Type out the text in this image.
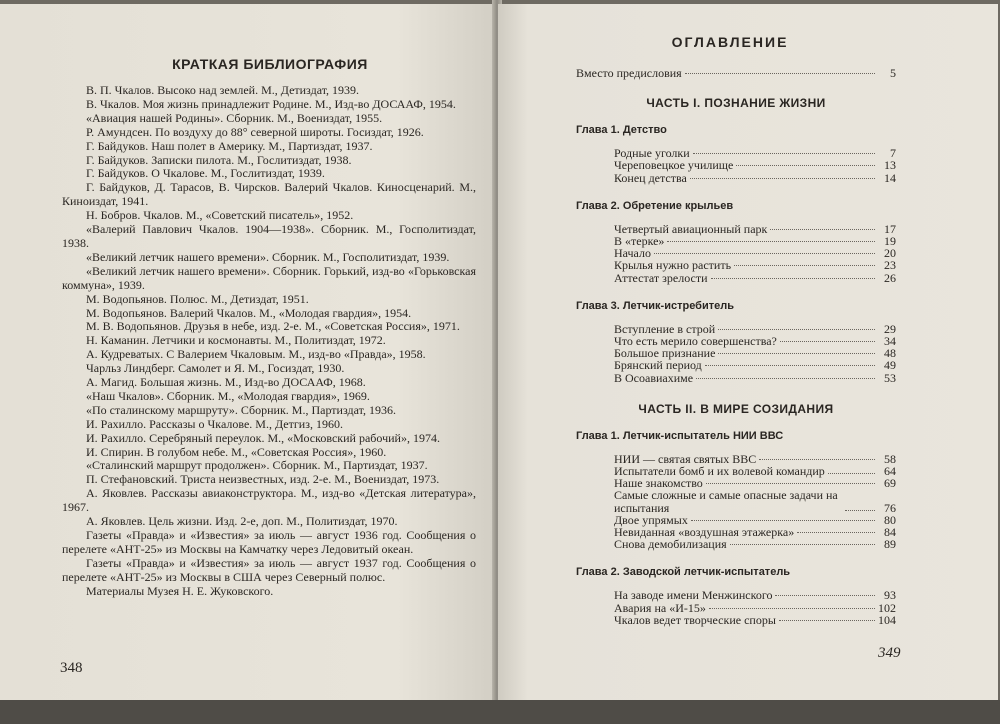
КРАТКАЯ БИБЛИОГРАФИЯ

В. П. Чкалов. Высоко над землей. М., Детиздат, 1939.

В. Чкалов. Моя жизнь принадлежит Родине. М., Изд-во ДОСААФ, 1954.

«Авиация нашей Родины». Сборник. М., Воениздат, 1955.

Р. Амундсен. По воздуху до 88° северной широты. Госиздат, 1926.

Г. Байдуков. Наш полет в Америку. М., Партиздат, 1937.

Г. Байдуков. Записки пилота. М., Гослитиздат, 1938.

Г. Байдуков. О Чкалове. М., Гослитиздат, 1939.

Г. Байдуков, Д. Тарасов, В. Чирсков. Валерий Чкалов. Киносценарий. М., Киноиздат, 1941.

Н. Бобров. Чкалов. М., «Советский писатель», 1952.

«Валерий Павлович Чкалов. 1904—1938». Сборник. М., Госполитиздат, 1938.

«Великий летчик нашего времени». Сборник. М., Госполитиздат, 1939.

«Великий летчик нашего времени». Сборник. Горький, изд-во «Горьковская коммуна», 1939.

М. Водопьянов. Полюс. М., Детиздат, 1951.

М. Водопьянов. Валерий Чкалов. М., «Молодая гвардия», 1954.

М. В. Водопьянов. Друзья в небе, изд. 2-е. М., «Советская Россия», 1971.

Н. Каманин. Летчики и космонавты. М., Политиздат, 1972.

А. Кудреватых. С Валерием Чкаловым. М., изд-во «Правда», 1958.

Чарльз Линдберг. Самолет и Я. М., Госиздат, 1930.

А. Магид. Большая жизнь. М., Изд-во ДОСААФ, 1968.

«Наш Чкалов». Сборник. М., «Молодая гвардия», 1969.

«По сталинскому маршруту». Сборник. М., Партиздат, 1936.

И. Рахилло. Рассказы о Чкалове. М., Детгиз, 1960.

И. Рахилло. Серебряный переулок. М., «Московский рабочий», 1974.

И. Спирин. В голубом небе. М., «Советская Россия», 1960.

«Сталинский маршрут продолжен». Сборник. М., Партиздат, 1937.

П. Стефановский. Триста неизвестных, изд. 2-е. М., Воениздат, 1973.

А. Яковлев. Рассказы авиаконструктора. М., изд-во «Детская литература», 1967.

А. Яковлев. Цель жизни. Изд. 2-е, доп. М., Политиздат, 1970.

Газеты «Правда» и «Известия» за июль — август 1936 год. Сообщения о перелете «АНТ-25» из Москвы на Камчатку через Ледовитый океан.

Газеты «Правда» и «Известия» за июль — август 1937 год. Сообщения о перелете «АНТ-25» из Москвы в США через Северный полюс.

Материалы Музея Н. Е. Жуковского.

348
ОГЛАВЛЕНИЕ
Вместо предисловия	5
ЧАСТЬ I. ПОЗНАНИЕ ЖИЗНИ
Глава 1. Детство
Родные уголки	7
Череповецкое училище	13
Конец детства	14
Глава 2. Обретение крыльев
Четвертый авиационный парк	17
В «терке»	19
Начало	20
Крылья нужно растить	23
Аттестат зрелости	26
Глава 3. Летчик-истребитель
Вступление в строй	29
Что есть мерило совершенства?	34
Большое признание	48
Брянский период	49
В Осоавиахиме	53
ЧАСТЬ II. В МИРЕ СОЗИДАНИЯ
Глава 1. Летчик-испытатель НИИ ВВС
НИИ — святая святых ВВС	58
Испытатели бомб и их волевой командир	64
Наше знакомство	69
Самые сложные и самые опасные задачи на испытания	76
Двое упрямых	80
Невиданная «воздушная этажерка»	84
Снова демобилизация	89
Глава 2. Заводской летчик-испытатель
На заводе имени Менжинского	93
Авария на «И-15»	102
Чкалов ведет творческие споры	104
349
